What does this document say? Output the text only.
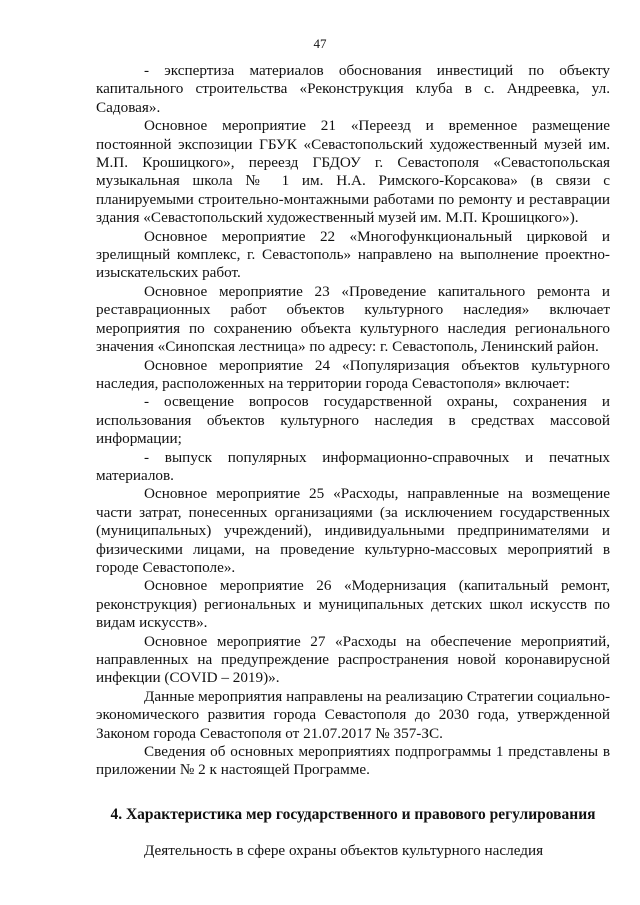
47

- экспертиза материалов обоснования инвестиций по объекту капитального строительства «Реконструкция клуба в с. Андреевка, ул. Садовая».

Основное мероприятие 21 «Переезд и временное размещение постоянной экспозиции ГБУК «Севастопольский художественный музей им. М.П. Крошицкого», переезд ГБДОУ г. Севастополя «Севастопольская музыкальная школа № 1 им. Н.А. Римского-Корсакова» (в связи с планируемыми строительно-монтажными работами по ремонту и реставрации здания «Севастопольский художественный музей им. М.П. Крошицкого»).

Основное мероприятие 22 «Многофункциональный цирковой и зрелищный комплекс, г. Севастополь» направлено на выполнение проектно-изыскательских работ.

Основное мероприятие 23 «Проведение капитального ремонта и реставрационных работ объектов культурного наследия» включает мероприятия по сохранению объекта культурного наследия регионального значения «Синопская лестница» по адресу: г. Севастополь, Ленинский район.

Основное мероприятие 24 «Популяризация объектов культурного наследия, расположенных на территории города Севастополя» включает:

- освещение вопросов государственной охраны, сохранения и использования объектов культурного наследия в средствах массовой информации;

- выпуск популярных информационно-справочных и печатных материалов.

Основное мероприятие 25 «Расходы, направленные на возмещение части затрат, понесенных организациями (за исключением государственных (муниципальных) учреждений), индивидуальными предпринимателями и физическими лицами, на проведение культурно-массовых мероприятий в городе Севастополе».

Основное мероприятие 26 «Модернизация (капитальный ремонт, реконструкция) региональных и муниципальных детских школ искусств по видам искусств».

Основное мероприятие 27 «Расходы на обеспечение мероприятий, направленных на предупреждение распространения новой коронавирусной инфекции (COVID – 2019)».

Данные мероприятия направлены на реализацию Стратегии социально-экономического развития города Севастополя до 2030 года, утвержденной Законом города Севастополя от 21.07.2017 № 357-ЗС.

Сведения об основных мероприятиях подпрограммы 1 представлены в приложении № 2 к настоящей Программе.

4. Характеристика мер государственного и правового регулирования

Деятельность в сфере охраны объектов культурного наследия
